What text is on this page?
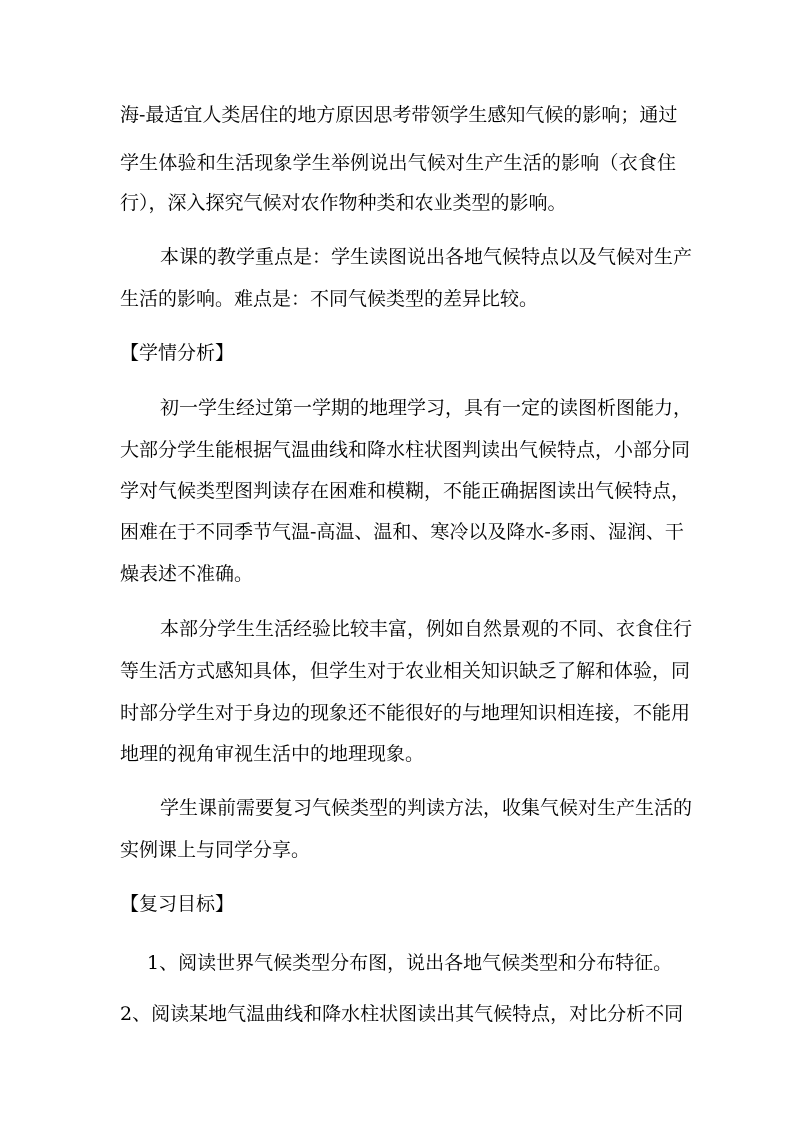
海-最适宜人类居住的地方原因思考带领学生感知气候的影响；通过
学生体验和生活现象学生举例说出气候对生产生活的影响（衣食住
行），深入探究气候对农作物种类和农业类型的影响。
本课的教学重点是：学生读图说出各地气候特点以及气候对生产
生活的影响。难点是：不同气候类型的差异比较。
【学情分析】
初一学生经过第一学期的地理学习，具有一定的读图析图能力，
大部分学生能根据气温曲线和降水柱状图判读出气候特点，小部分同
学对气候类型图判读存在困难和模糊，不能正确据图读出气候特点，
困难在于不同季节气温-高温、温和、寒冷以及降水-多雨、湿润、干
燥表述不准确。
本部分学生生活经验比较丰富，例如自然景观的不同、衣食住行
等生活方式感知具体，但学生对于农业相关知识缺乏了解和体验，同
时部分学生对于身边的现象还不能很好的与地理知识相连接，不能用
地理的视角审视生活中的地理现象。
学生课前需要复习气候类型的判读方法，收集气候对生产生活的
实例课上与同学分享。
【复习目标】
1、阅读世界气候类型分布图，说出各地气候类型和分布特征。
2、阅读某地气温曲线和降水柱状图读出其气候特点，对比分析不同
